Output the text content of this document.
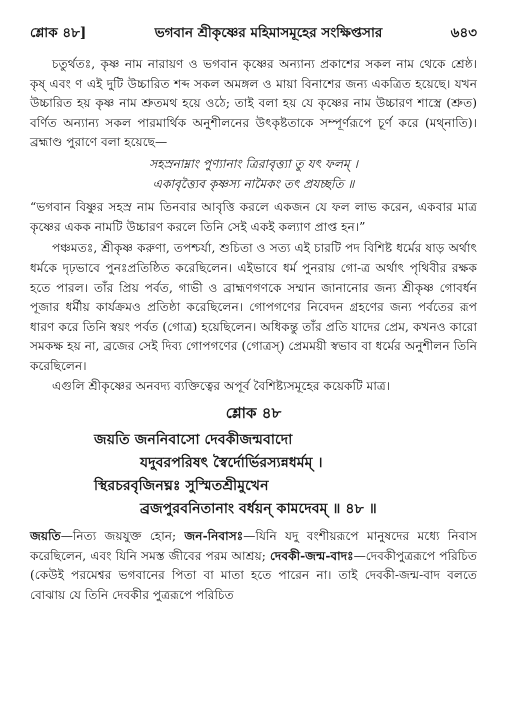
শ্লোক ৪৮]	ভগবান শ্রীকৃষ্ণের মহিমাসমূহের সংক্ষিপ্তসার	৬৪৩

চতুর্থতঃ, কৃষ্ণ নাম নারায়ণ ও ভগবান কৃষ্ণের অন্যান্য প্রকাশের সকল নাম থেকে শ্রেষ্ঠ। কৃষ্ এবং ণ এই দুটি উচ্চারিত শব্দ সকল অমঙ্গল ও মায়া বিনাশের জন্য একত্রিত হয়েছে। যখন উচ্চারিত হয় কৃষ্ণ নাম শ্রুতমথ হয়ে ওঠে; তাই বলা হয় যে কৃষ্ণের নাম উচ্চারণ শাস্ত্রে (শ্রুত) বর্ণিত অন্যান্য সকল পারমার্থিক অনুশীলনের উৎকৃষ্টতাকে সম্পূর্ণরূপে চূর্ণ করে (মথ্নাতি)। ব্রহ্মাণ্ড পুরাণে বলা হয়েছে—

সহস্রনাম্নাং পুণ্যানাং ত্রিরাবৃত্ত্যা তু যৎ ফলম্ ।
একাবৃত্ত্যৈব কৃষ্ণস্য নামৈকং তৎ প্রযচ্ছতি ॥

“ভগবান বিষ্ণুর সহস্র নাম তিনবার আবৃত্তি করলে একজন যে ফল লাভ করেন, একবার মাত্র কৃষ্ণের একক নামটি উচ্চারণ করলে তিনি সেই একই কল্যাণ প্রাপ্ত হন।”

পঞ্চমতঃ, শ্রীকৃষ্ণ করুণা, তপশ্চর্যা, শুচিতা ও সত্য এই চারটি পদ বিশিষ্ট ধর্মের ষাড় অর্থাৎ ধর্মকে দৃঢ়ভাবে পুনঃপ্রতিষ্ঠিত করেছিলেন। এইভাবে ধর্ম পুনরায় গো-ত্র অর্থাৎ পৃথিবীর রক্ষক হতে পারল। তাঁর প্রিয় পর্বত, গাভী ও ব্রাহ্মণগণকে সম্মান জানানোর জন্য শ্রীকৃষ্ণ গোবর্ধন পূজার ধর্মীয় কার্যক্রমও প্রতিষ্ঠা করেছিলেন। গোপগণের নিবেদন গ্রহণের জন্য পর্বতের রূপ ধারণ করে তিনি স্বয়ং পর্বত (গোত্র) হয়েছিলেন। অধিকন্তু তাঁর প্রতি যাদের প্রেম, কখনও কারো সমকক্ষ হয় না, ব্রজের সেই দিব্য গোপগণের (গোত্রস্) প্রেমময়ী স্বভাব বা ধর্মের অনুশীলন তিনি করেছিলেন।

এগুলি শ্রীকৃষ্ণের অনবদ্য ব্যক্তিত্বের অপূর্ব বৈশিষ্ট্যসমূহের কয়েকটি মাত্র।

শ্লোক ৪৮
জয়তি জননিবাসো দেবকীজন্মবাদো
যদুবরপরিষৎ স্বৈর্দোর্ভিরস্যন্নধর্মম্ ।
স্থিরচরবৃজিনঘ্নঃ সুস্মিতশ্রীমুখেন
ব্রজপুরবনিতানাং বর্ধয়ন্ কামদেবম্ ॥ ৪৮ ॥

জয়তি—নিত্য জয়যুক্ত হোন; জন-নিবাসঃ—যিনি যদু বংশীয়রূপে মানুষদের মধ্যে নিবাস করেছিলেন, এবং যিনি সমস্ত জীবের পরম আশ্রয়; দেবকী-জন্ম-বাদঃ—দেবকীপুত্ররূপে পরিচিত (কেউই পরমেশ্বর ভগবানের পিতা বা মাতা হতে পারেন না। তাই দেবকী-জন্ম-বাদ বলতে বোঝায় যে তিনি দেবকীর পুত্ররূপে পরিচিত
